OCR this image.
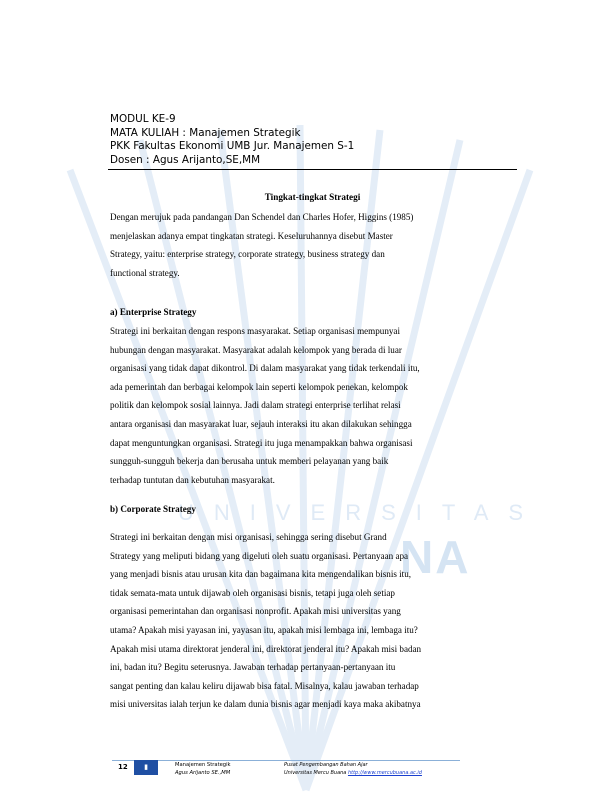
UNIVERSITAS
NA
MODUL KE-9
MATA KULIAH : Manajemen Strategik
PKK Fakultas Ekonomi UMB Jur. Manajemen S-1
Dosen : Agus Arijanto,SE,MM
Tingkat-tingkat Strategi
Dengan merujuk pada pandangan Dan Schendel dan Charles Hofer, Higgins (1985)
menjelaskan adanya empat tingkatan strategi. Keseluruhannya disebut Master
Strategy, yaitu: enterprise strategy, corporate strategy, business strategy dan
functional strategy.
a) Enterprise Strategy
Strategi ini berkaitan dengan respons masyarakat. Setiap organisasi mempunyai
hubungan dengan masyarakat. Masyarakat adalah kelompok yang berada di luar
organisasi yang tidak dapat dikontrol. Di dalam masyarakat yang tidak terkendali itu,
ada pemerintah dan berbagai kelompok lain seperti kelompok penekan, kelompok
politik dan kelompok sosial lainnya. Jadi dalam strategi enterprise terlihat relasi
antara organisasi dan masyarakat luar, sejauh interaksi itu akan dilakukan sehingga
dapat menguntungkan organisasi. Strategi itu juga menampakkan bahwa organisasi
sungguh-sungguh bekerja dan berusaha untuk memberi pelayanan yang baik
terhadap tuntutan dan kebutuhan masyarakat.
b) Corporate Strategy
Strategi ini berkaitan dengan misi organisasi, sehingga sering disebut Grand
Strategy yang meliputi bidang yang digeluti oleh suatu organisasi. Pertanyaan apa
yang menjadi bisnis atau urusan kita dan bagaimana kita mengendalikan bisnis itu,
tidak semata-mata untuk dijawab oleh organisasi bisnis, tetapi juga oleh setiap
organisasi pemerintahan dan organisasi nonprofit. Apakah misi universitas yang
utama? Apakah misi yayasan ini, yayasan itu, apakah misi lembaga ini, lembaga itu?
Apakah misi utama direktorat jenderal ini, direktorat jenderal itu? Apakah misi badan
ini, badan itu? Begitu seterusnya. Jawaban terhadap pertanyaan-pertanyaan itu
sangat penting dan kalau keliru dijawab bisa fatal. Misalnya, kalau jawaban terhadap
misi universitas ialah terjun ke dalam dunia bisnis agar menjadi kaya maka akibatnya
12	▮	Manajemen Strategik
Agus Arijanto SE.,MM
Pusat Pengembangan Bahan Ajar
Universitas Mercu Buana http://www.mercubuana.ac.id
